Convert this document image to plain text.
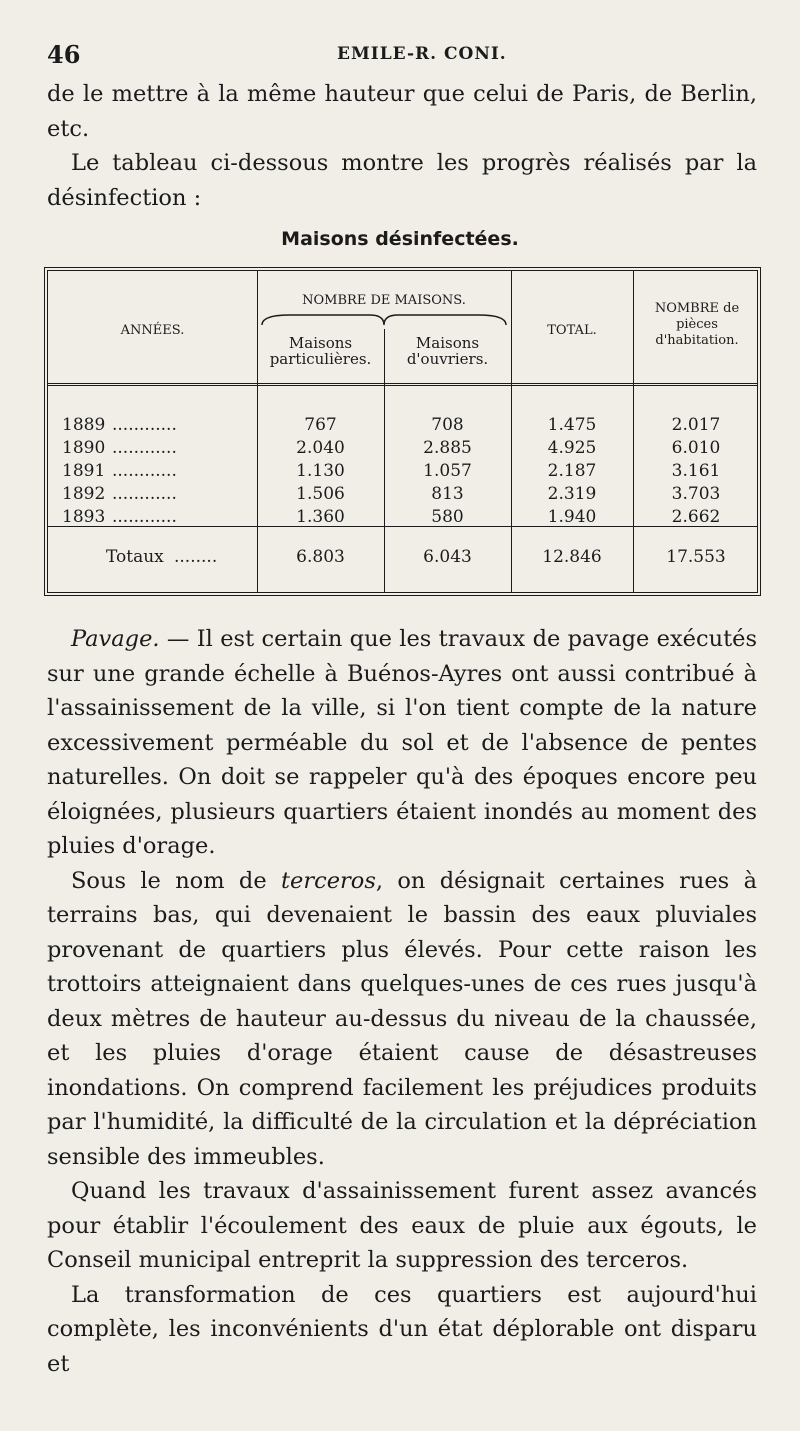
46	EMILE-R. CONI.

de le mettre à la même hauteur que celui de Paris, de Berlin, etc.

Le tableau ci-dessous montre les progrès réalisés par la désinfection :

Maisons désinfectées.
ANNÉES.
NOMBRE DE MAISONS.
Maisons particulières.
Maisons d'ouvriers.
TOTAL.
NOMBRE de pièces d'habitation.
1889 ............	767	708	1.475	2.017
1890 ............	2.040	2.885	4.925	6.010
1891 ............	1.130	1.057	2.187	3.161
1892 ............	1.506	813	2.319	3.703
1893 ............	1.360	580	1.940	2.662
Totaux ........	6.803	6.043	12.846	17.553

Pavage. — Il est certain que les travaux de pavage exécutés sur une grande échelle à Buénos-Ayres ont aussi contribué à l'assainissement de la ville, si l'on tient compte de la nature excessivement perméable du sol et de l'absence de pentes naturelles. On doit se rappeler qu'à des époques encore peu éloignées, plusieurs quartiers étaient inondés au moment des pluies d'orage.

Sous le nom de terceros, on désignait certaines rues à terrains bas, qui devenaient le bassin des eaux pluviales provenant de quartiers plus élevés. Pour cette raison les trottoirs atteignaient dans quelques-unes de ces rues jusqu'à deux mètres de hauteur au-dessus du niveau de la chaussée, et les pluies d'orage étaient cause de désastreuses inondations. On comprend facilement les préjudices produits par l'humidité, la difficulté de la circulation et la dépréciation sensible des immeubles.

Quand les travaux d'assainissement furent assez avancés pour établir l'écoulement des eaux de pluie aux égouts, le Conseil municipal entreprit la suppression des terceros.

La transformation de ces quartiers est aujourd'hui complète, les inconvénients d'un état déplorable ont disparu et
